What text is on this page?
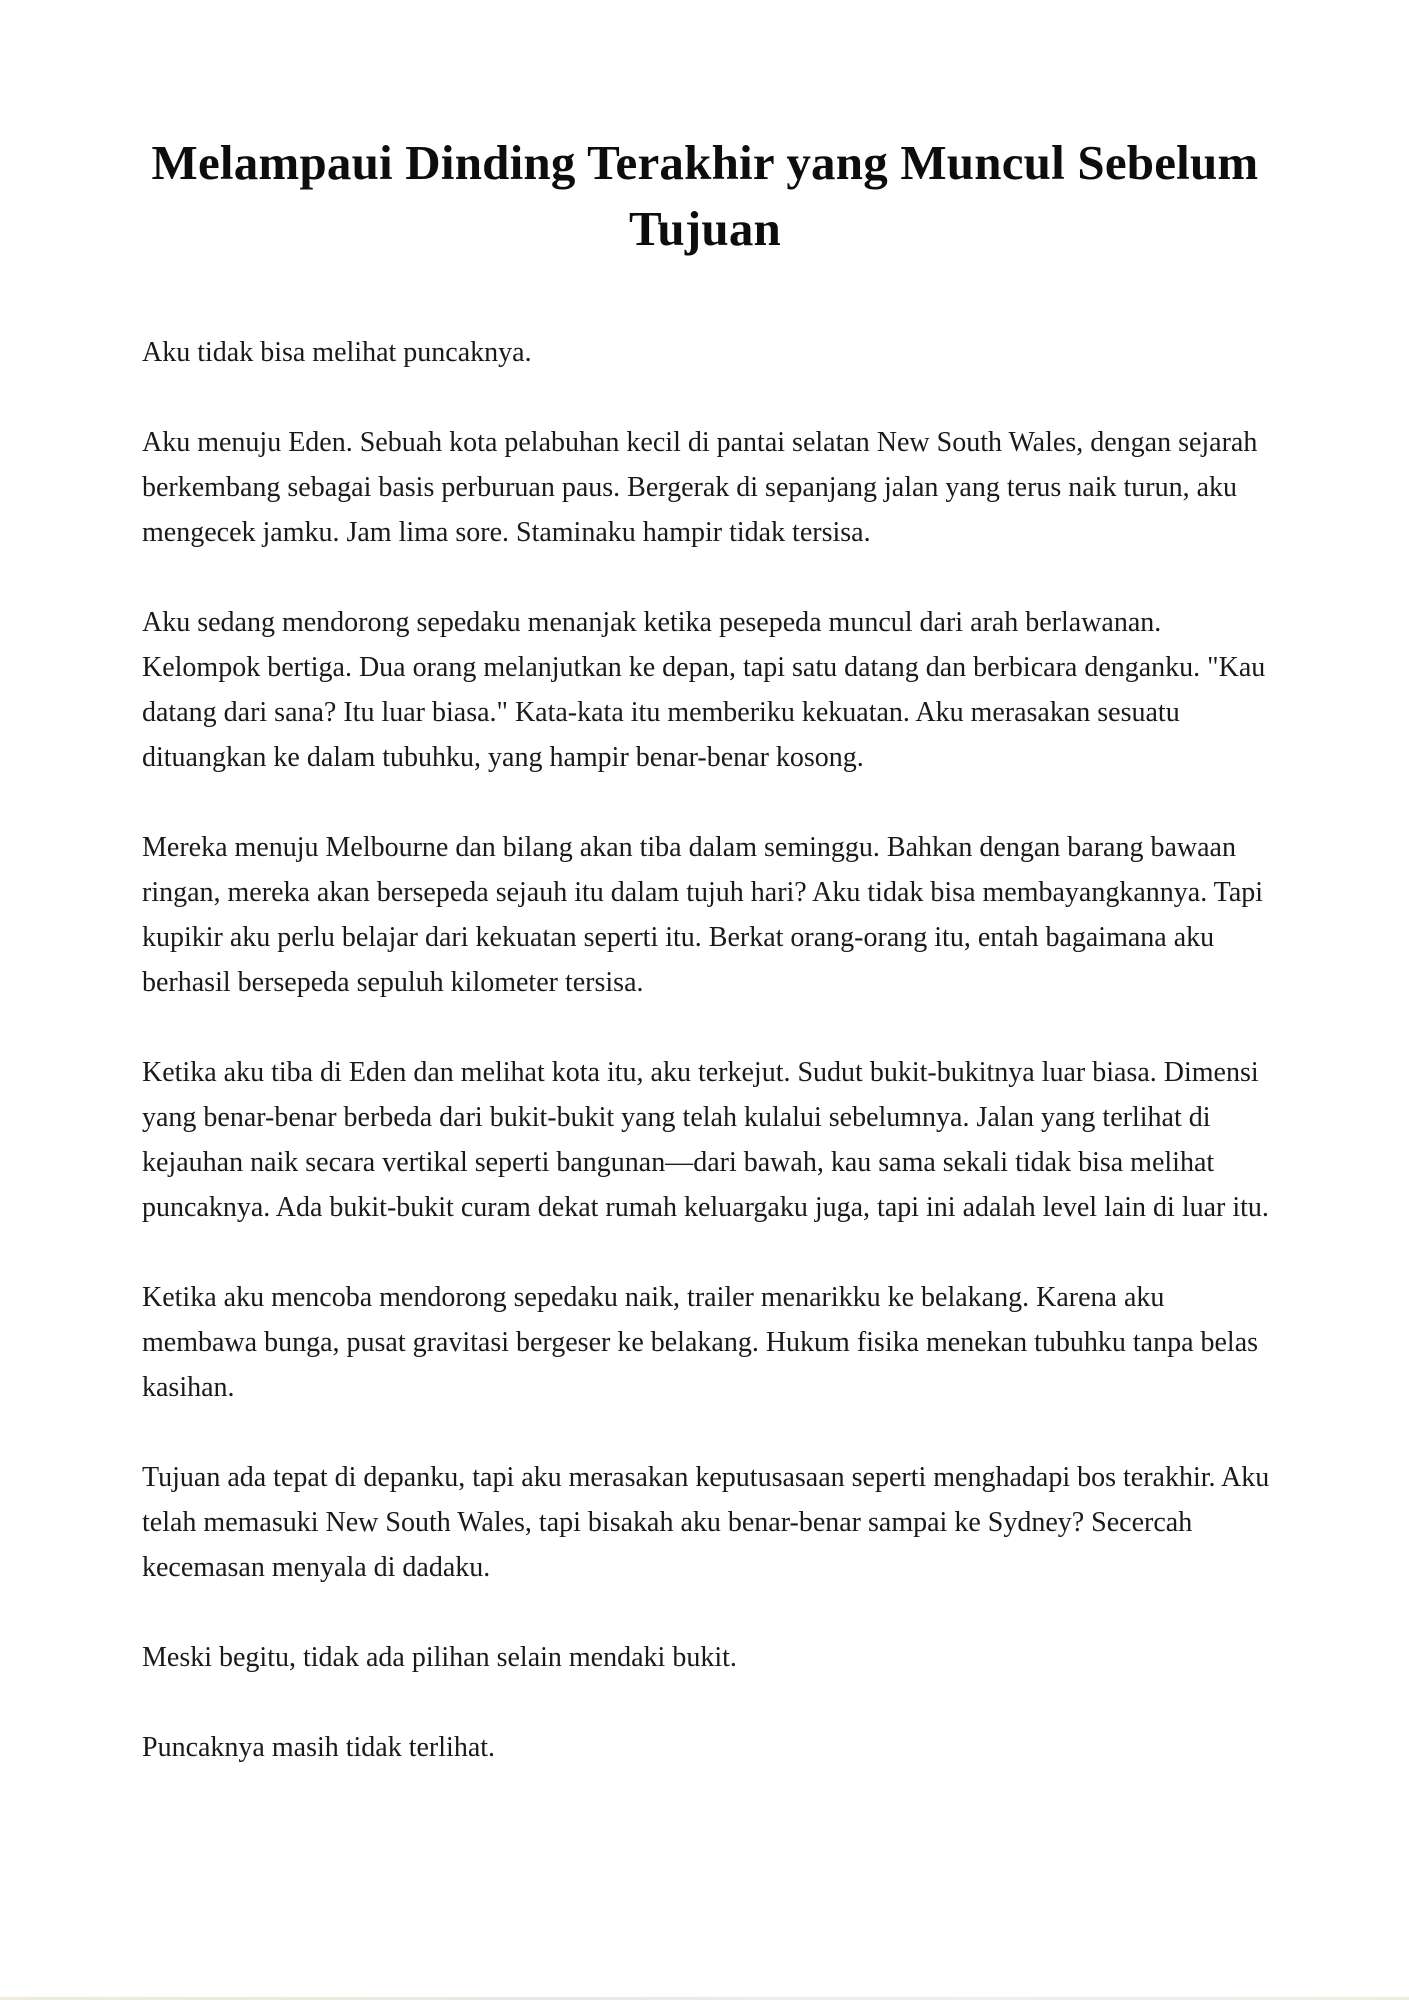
Melampaui Dinding Terakhir yang Muncul Sebelum Tujuan

Aku tidak bisa melihat puncaknya.

Aku menuju Eden. Sebuah kota pelabuhan kecil di pantai selatan New South Wales, dengan sejarah berkembang sebagai basis perburuan paus. Bergerak di sepanjang jalan yang terus naik turun, aku mengecek jamku. Jam lima sore. Staminaku hampir tidak tersisa.

Aku sedang mendorong sepedaku menanjak ketika pesepeda muncul dari arah berlawanan. Kelompok bertiga. Dua orang melanjutkan ke depan, tapi satu datang dan berbicara denganku. "Kau datang dari sana? Itu luar biasa." Kata-kata itu memberiku kekuatan. Aku merasakan sesuatu dituangkan ke dalam tubuhku, yang hampir benar-benar kosong.

Mereka menuju Melbourne dan bilang akan tiba dalam seminggu. Bahkan dengan barang bawaan ringan, mereka akan bersepeda sejauh itu dalam tujuh hari? Aku tidak bisa membayangkannya. Tapi kupikir aku perlu belajar dari kekuatan seperti itu. Berkat orang-orang itu, entah bagaimana aku berhasil bersepeda sepuluh kilometer tersisa.

Ketika aku tiba di Eden dan melihat kota itu, aku terkejut. Sudut bukit-bukitnya luar biasa. Dimensi yang benar-benar berbeda dari bukit-bukit yang telah kulalui sebelumnya. Jalan yang terlihat di kejauhan naik secara vertikal seperti bangunan—dari bawah, kau sama sekali tidak bisa melihat puncaknya. Ada bukit-bukit curam dekat rumah keluargaku juga, tapi ini adalah level lain di luar itu.

Ketika aku mencoba mendorong sepedaku naik, trailer menarikku ke belakang. Karena aku membawa bunga, pusat gravitasi bergeser ke belakang. Hukum fisika menekan tubuhku tanpa belas kasihan.

Tujuan ada tepat di depanku, tapi aku merasakan keputusasaan seperti menghadapi bos terakhir. Aku telah memasuki New South Wales, tapi bisakah aku benar-benar sampai ke Sydney? Secercah kecemasan menyala di dadaku.

Meski begitu, tidak ada pilihan selain mendaki bukit.

Puncaknya masih tidak terlihat.
